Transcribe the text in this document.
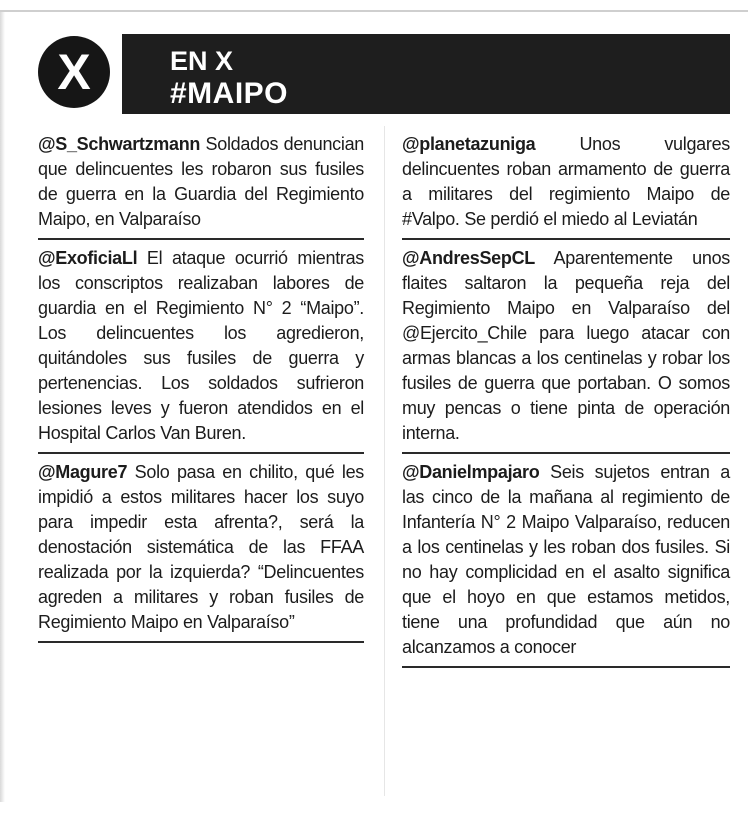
X	EN X
#MAIPO

@S_Schwartzmann Soldados denuncian que delincuentes les robaron sus fusiles de guerra en la Guardia del Regimiento Maipo, en Valparaíso

@ExoficiaLl El ataque ocurrió mientras los conscriptos realizaban labores de guardia en el Regimiento N° 2 “Maipo”. Los delincuentes los agredieron, quitándoles sus fusiles de guerra y pertenencias. Los soldados sufrieron lesiones leves y fueron atendidos en el Hospital Carlos Van Buren.

@Magure7 Solo pasa en chilito, qué les impidió a estos militares hacer los suyo para impedir esta afrenta?, será la denostación sistemática de las FFAA realizada por la izquierda? “Delincuentes agreden a militares y roban fusiles de Regimiento Maipo en Valparaíso”

@planetazuniga Unos vulgares delincuentes roban armamento de guerra a militares del regimiento Maipo de #Valpo. Se perdió el miedo al Leviatán

@AndresSepCL Aparentemente unos flaites saltaron la pequeña reja del Regimiento Maipo en Valparaíso del @Ejercito_Chile para luego atacar con armas blancas a los centinelas y robar los fusiles de guerra que portaban. O somos muy pencas o tiene pinta de operación interna.

@Danielmpajaro Seis sujetos entran a las cinco de la mañana al regimiento de Infantería N° 2 Maipo Valparaíso, reducen a los centinelas y les roban dos fusiles. Si no hay complicidad en el asalto significa que el hoyo en que estamos metidos, tiene una profundidad que aún no alcanzamos a conocer
